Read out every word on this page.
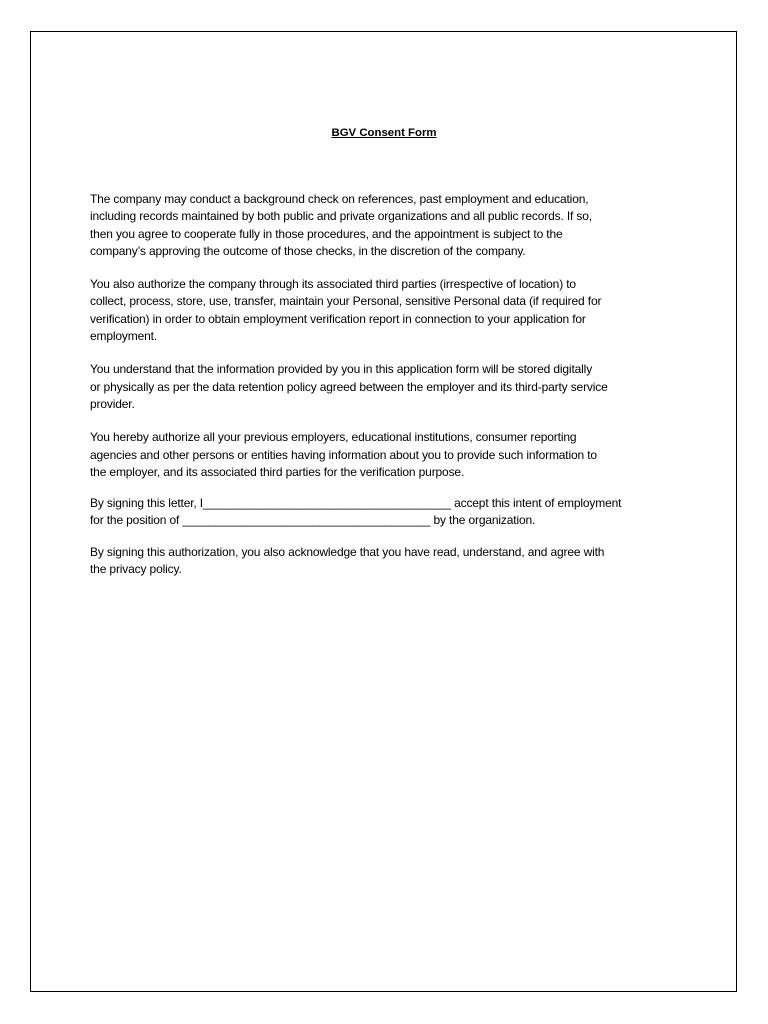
BGV Consent Form

The company may conduct a background check on references, past employment and education,
including records maintained by both public and private organizations and all public records. If so,
then you agree to cooperate fully in those procedures, and the appointment is subject to the
company’s approving the outcome of those checks, in the discretion of the company.

You also authorize the company through its associated third parties (irrespective of location) to
collect, process, store, use, transfer, maintain your Personal, sensitive Personal data (if required for
verification) in order to obtain employment verification report in connection to your application for
employment.

You understand that the information provided by you in this application form will be stored digitally
or physically as per the data retention policy agreed between the employer and its third-party service
provider.

You hereby authorize all your previous employers, educational institutions, consumer reporting
agencies and other persons or entities having information about you to provide such information to
the employer, and its associated third parties for the verification purpose.

By signing this letter, I______________________________________ accept this intent of employment
for the position of ______________________________________ by the organization.

By signing this authorization, you also acknowledge that you have read, understand, and agree with
the privacy policy.
